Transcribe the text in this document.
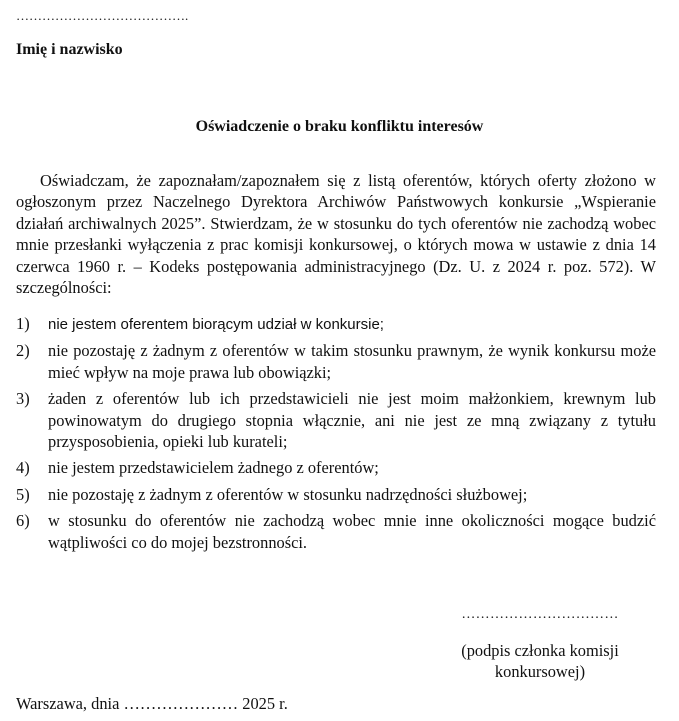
………………………………….
Imię i nazwisko
Oświadczenie o braku konfliktu interesów

Oświadczam, że zapoznałam/zapoznałem się z listą oferentów, których oferty złożono w ogłoszonym przez Naczelnego Dyrektora Archiwów Państwowych konkursie „Wspieranie działań archiwalnych 2025”. Stwierdzam, że w stosunku do tych oferentów nie zachodzą wobec mnie przesłanki wyłączenia z prac komisji konkursowej, o których mowa w ustawie z dnia 14 czerwca 1960 r. – Kodeks postępowania administracyjnego (Dz. U. z 2024 r. poz. 572). W szczególności:

1) nie jestem oferentem biorącym udział w konkursie;
2) nie pozostaję z żadnym z oferentów w takim stosunku prawnym, że wynik konkursu może mieć wpływ na moje prawa lub obowiązki;
3) żaden z oferentów lub ich przedstawicieli nie jest moim małżonkiem, krewnym lub powinowatym do drugiego stopnia włącznie, ani nie jest ze mną związany z tytułu przysposobienia, opieki lub kurateli;
4) nie jestem przedstawicielem żadnego z oferentów;
5) nie pozostaję z żadnym z oferentów w stosunku nadrzędności służbowej;
6) w stosunku do oferentów nie zachodzą wobec mnie inne okoliczności mogące budzić wątpliwości co do mojej bezstronności.
……………………………
(podpis członka komisji
konkursowej)
Warszawa, dnia ………………… 2025 r.
